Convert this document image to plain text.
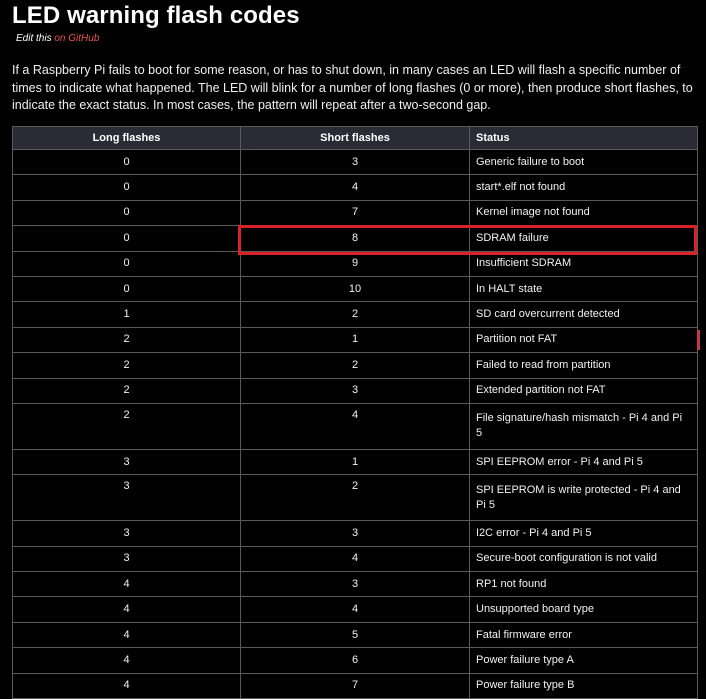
LED warning flash codes
Edit this on GitHub

If a Raspberry Pi fails to boot for some reason, or has to shut down, in many cases an LED will flash a specific number of times to indicate what happened. The LED will blink for a number of long flashes (0 or more), then produce short flashes, to indicate the exact status. In most cases, the pattern will repeat after a two-second gap.

Long flashes	Short flashes	Status
0	3	Generic failure to boot
0	4	start*.elf not found
0	7	Kernel image not found
0	8	SDRAM failure
0	9	Insufficient SDRAM
0	10	In HALT state
1	2	SD card overcurrent detected
2	1	Partition not FAT
2	2	Failed to read from partition
2	3	Extended partition not FAT
2	4	File signature/hash mismatch - Pi 4 and Pi 5
3	1	SPI EEPROM error - Pi 4 and Pi 5
3	2	SPI EEPROM is write protected - Pi 4 and Pi 5
3	3	I2C error - Pi 4 and Pi 5
3	4	Secure-boot configuration is not valid
4	3	RP1 not found
4	4	Unsupported board type
4	5	Fatal firmware error
4	6	Power failure type A
4	7	Power failure type B
